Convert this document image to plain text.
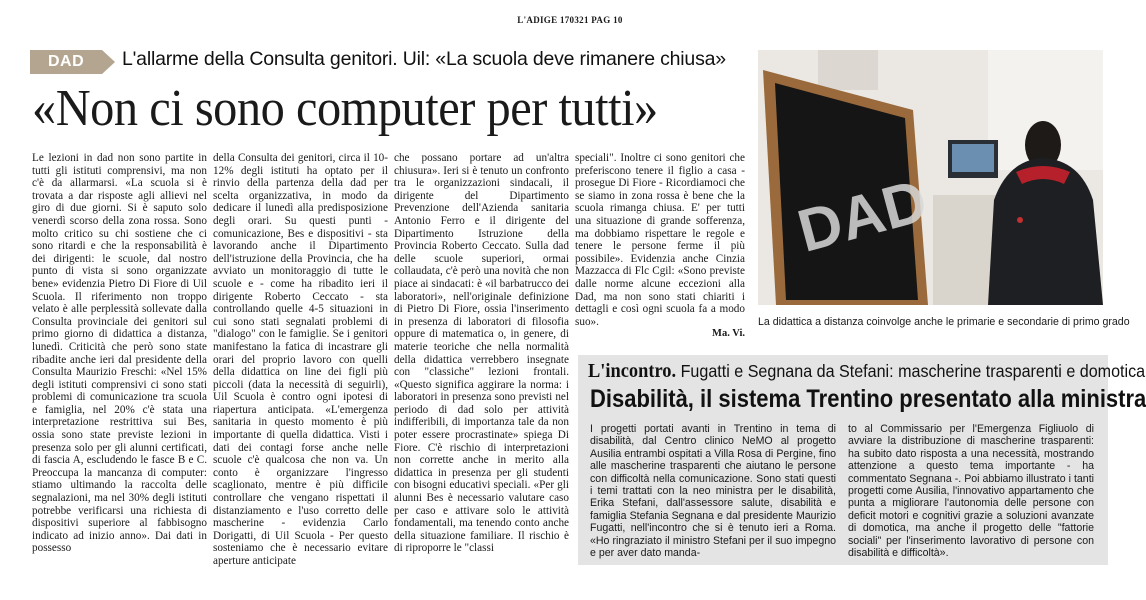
L'ADIGE 170321 PAG 10
DAD L'allarme della Consulta genitori. Uil: «La scuola deve rimanere chiusa»
«Non ci sono computer per tutti»

Le lezioni in dad non sono partite in tutti gli istituti comprensivi, ma non c'è da allarmarsi. «La scuola si è trovata a dar risposte agli allievi nel giro di due giorni. Si è saputo solo venerdì scorso della zona rossa. Sono molto critico su chi sostiene che ci sono ritardi e che la responsabilità è dei dirigenti: le scuole, dal nostro punto di vista si sono organizzate bene» evidenzia Pietro Di Fiore di Uil Scuola. Il riferimento non troppo velato è alle perplessità sollevate dalla Consulta provinciale dei genitori sul primo giorno di didattica a distanza, lunedì. Criticità che però sono state ribadite anche ieri dal presidente della Consulta Maurizio Freschi: «Nel 15% degli istituti comprensivi ci sono stati problemi di comunicazione tra scuola e famiglia, nel 20% c'è stata una interpretazione restrittiva sui Bes, ossia sono state previste lezioni in presenza solo per gli alunni certificati, di fascia A, escludendo le fasce B e C. Preoccupa la mancanza di computer: stiamo ultimando la raccolta delle segnalazioni, ma nel 30% degli istituti potrebbe verificarsi una richiesta di dispositivi superiore al fabbisogno indicato ad inizio anno». Dai dati in possesso

della Consulta dei genitori, circa il 10-12% degli istituti ha optato per il rinvio della partenza della dad per scelta organizzativa, in modo da dedicare il lunedì alla predisposizione degli orari. Su questi punti - comunicazione, Bes e dispositivi - sta lavorando anche il Dipartimento dell'istruzione della Provincia, che ha avviato un monitoraggio di tutte le scuole e - come ha ribadito ieri il dirigente Roberto Ceccato - sta controllando quelle 4-5 situazioni in cui sono stati segnalati problemi di "dialogo" con le famiglie. Se i genitori manifestano la fatica di incastrare gli orari del proprio lavoro con quelli della didattica on line dei figli più piccoli (data la necessità di seguirli), Uil Scuola è contro ogni ipotesi di riapertura anticipata. «L'emergenza sanitaria in questo momento è più importante di quella didattica. Visti i dati dei contagi forse anche nelle scuole c'è qualcosa che non va. Un conto è organizzare l'ingresso scaglionato, mentre è più difficile controllare che vengano rispettati il distanziamento e l'uso corretto delle mascherine - evidenzia Carlo Dorigatti, di Uil Scuola - Per questo sosteniamo che è necessario evitare aperture anticipate

che possano portare ad un'altra chiusura». Ieri si è tenuto un confronto tra le organizzazioni sindacali, il dirigente del Dipartimento Prevenzione dell'Azienda sanitaria Antonio Ferro e il dirigente del Dipartimento Istruzione della Provincia Roberto Ceccato. Sulla dad delle scuole superiori, ormai collaudata, c'è però una novità che non piace ai sindacati: è «il barbatrucco dei laboratori», nell'originale definizione di Pietro Di Fiore, ossia l'inserimento in presenza di laboratori di filosofia oppure di matematica o, in genere, di materie teoriche che nella normalità della didattica verrebbero insegnate con "classiche" lezioni frontali. «Questo significa aggirare la norma: i laboratori in presenza sono previsti nel periodo di dad solo per attività indifferibili, di importanza tale da non poter essere procrastinate» spiega Di Fiore. C'è rischio di interpretazioni non corrette anche in merito alla didattica in presenza per gli studenti con bisogni educativi speciali. «Per gli alunni Bes è necessario valutare caso per caso e attivare solo le attività fondamentali, ma tenendo conto anche della situazione familiare. Il rischio è di riproporre le "classi

speciali". Inoltre ci sono genitori che preferiscono tenere il figlio a casa - prosegue Di Fiore - Ricordiamoci che se siamo in zona rossa è bene che la scuola rimanga chiusa. E' per tutti una situazione di grande sofferenza, ma dobbiamo rispettare le regole e tenere le persone ferme il più possibile». Evidenzia anche Cinzia Mazzacca di Flc Cgil: «Sono previste dalle norme alcune eccezioni alla Dad, ma non sono stati chiariti i dettagli e così ogni scuola fa a modo suo».

Ma. Vi.

DAD
La didattica a distanza coinvolge anche le primarie e secondarie di primo grado
L'incontro. Fugatti e Segnana da Stefani: mascherine trasparenti e domotica
Disabilità, il sistema Trentino presentato alla ministra
I progetti portati avanti in Trentino in tema di disabilità, dal Centro clinico NeMO al progetto Ausilia entrambi ospitati a Villa Rosa di Pergine, fino alle mascherine trasparenti che aiutano le persone con difficoltà nella comunicazione. Sono stati questi i temi trattati con la neo ministra per le disabilità, Erika Stefani, dall'assessore salute, disabilità e famiglia Stefania Segnana e dal presidente Maurizio Fugatti, nell'incontro che si è tenuto ieri a Roma. «Ho ringraziato il ministro Stefani per il suo impegno e per aver dato manda-
to al Commissario per l'Emergenza Figliuolo di avviare la distribuzione di mascherine trasparenti: ha subito dato risposta a una necessità, mostrando attenzione a questo tema importante - ha commentato Segnana -. Poi abbiamo illustrato i tanti progetti come Ausilia, l'innovativo appartamento che punta a migliorare l'autonomia delle persone con deficit motori e cognitivi grazie a soluzioni avanzate di domotica, ma anche il progetto delle "fattorie sociali" per l'inserimento lavorativo di persone con disabilità e difficoltà».
